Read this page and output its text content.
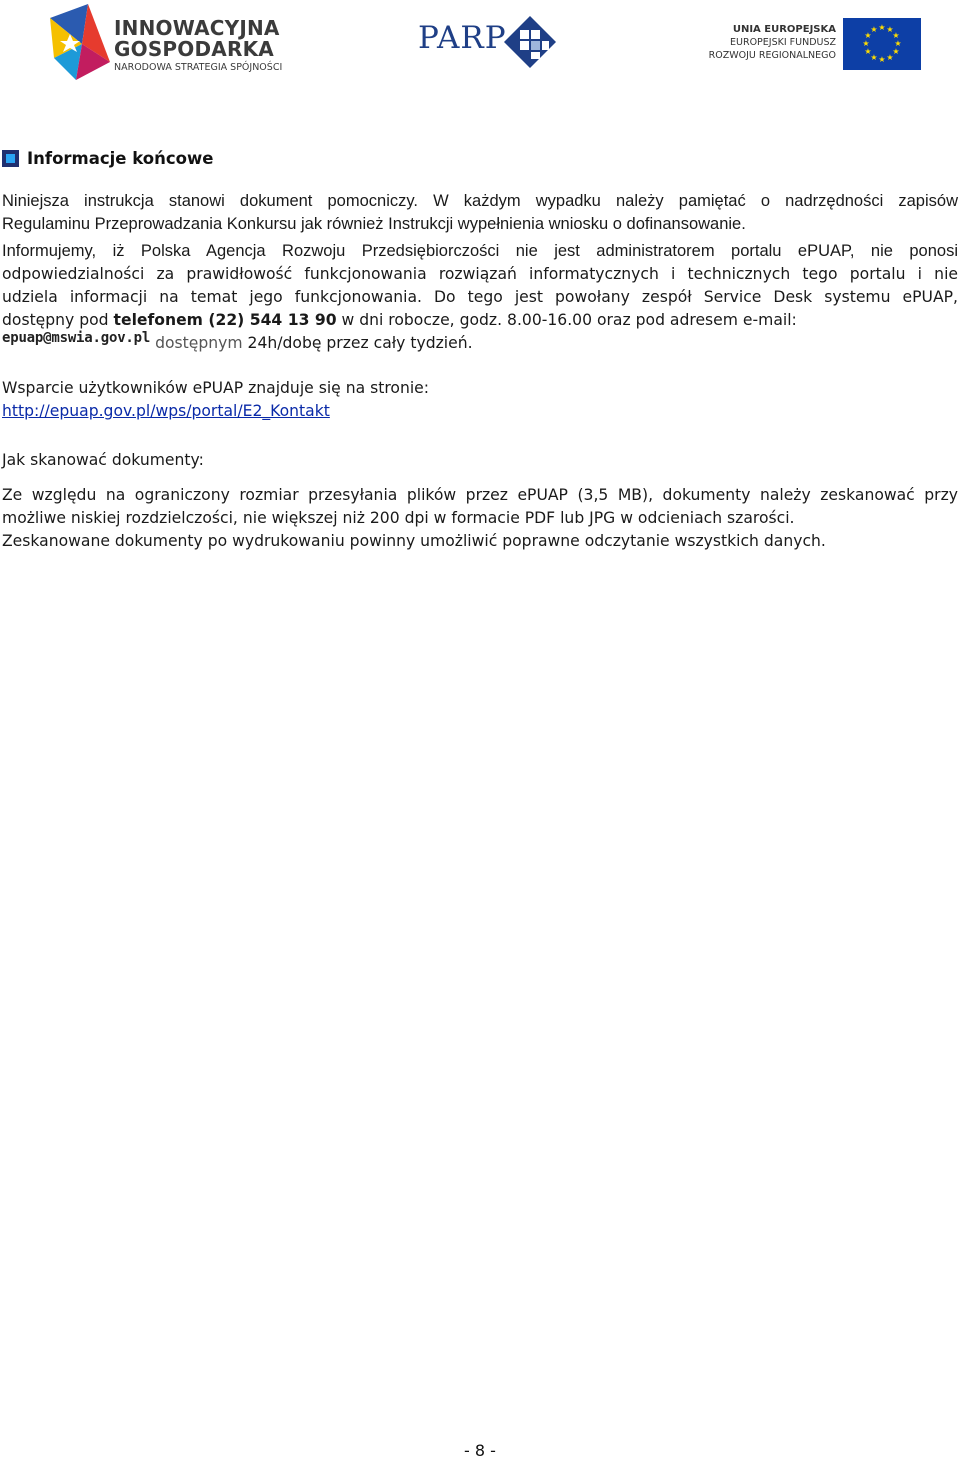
INNOWACYJNA
GOSPODARKA
NARODOWA STRATEGIA SPÓJNOŚCI
PARP	UNIA EUROPEJSKA
EUROPEJSKI FUNDUSZ
ROZWOJU REGIONALNEGO
★ ★
★
★
★
★
★
★
★
★
★
★
Informacje końcowe
Niniejsza instrukcja stanowi dokument pomocniczy. W każdym wypadku należy pamiętać o nadrzędności zapisów
Regulaminu Przeprowadzania Konkursu jak również Instrukcji wypełnienia wniosku o dofinansowanie.
Informujemy, iż Polska Agencja Rozwoju Przedsiębiorczości nie jest administratorem portalu ePUAP, nie ponosi
odpowiedzialności za prawidłowość funkcjonowania rozwiązań informatycznych i technicznych tego portalu i nie
udziela informacji na temat jego funkcjonowania. Do tego jest powołany zespół Service Desk systemu ePUAP,
dostępny pod telefonem (22) 544 13 90 w dni robocze, godz. 8.00-16.00 oraz pod adresem e-mail:
epuap@mswia.gov.pl dostępnym 24h/dobę przez cały tydzień.
Wsparcie użytkowników ePUAP znajduje się na stronie:
http://epuap.gov.pl/wps/portal/E2_Kontakt
Jak skanować dokumenty:
Ze względu na ograniczony rozmiar przesyłania plików przez ePUAP (3,5 MB), dokumenty należy zeskanować przy
możliwe niskiej rozdzielczości, nie większej niż 200 dpi w formacie PDF lub JPG w odcieniach szarości.
Zeskanowane dokumenty po wydrukowaniu powinny umożliwić poprawne odczytanie wszystkich danych.
- 8 -
